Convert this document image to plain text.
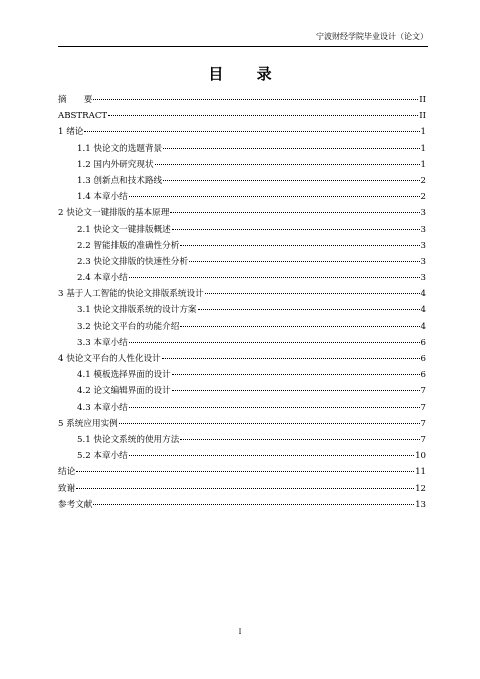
宁波财经学院毕业设计（论文）
目 录
摘　　要	II
ABSTRACT	II
1 绪论	1
1.1 快论文的选题背景	1
1.2 国内外研究现状	1
1.3 创新点和技术路线	2
1.4 本章小结	2
2 快论文一键排版的基本原理	3
2.1 快论文一键排版概述	3
2.2 智能排版的准确性分析	3
2.3 快论文排版的快速性分析	3
2.4 本章小结	3
3 基于人工智能的快论文排版系统设计	4
3.1 快论文排版系统的设计方案	4
3.2 快论文平台的功能介绍	4
3.3 本章小结	6
4 快论文平台的人性化设计	6
4.1 模板选择界面的设计	6
4.2 论文编辑界面的设计	7
4.3 本章小结	7
5 系统应用实例	7
5.1 快论文系统的使用方法	7
5.2 本章小结	10
结论	11
致谢	12
参考文献	13
I
